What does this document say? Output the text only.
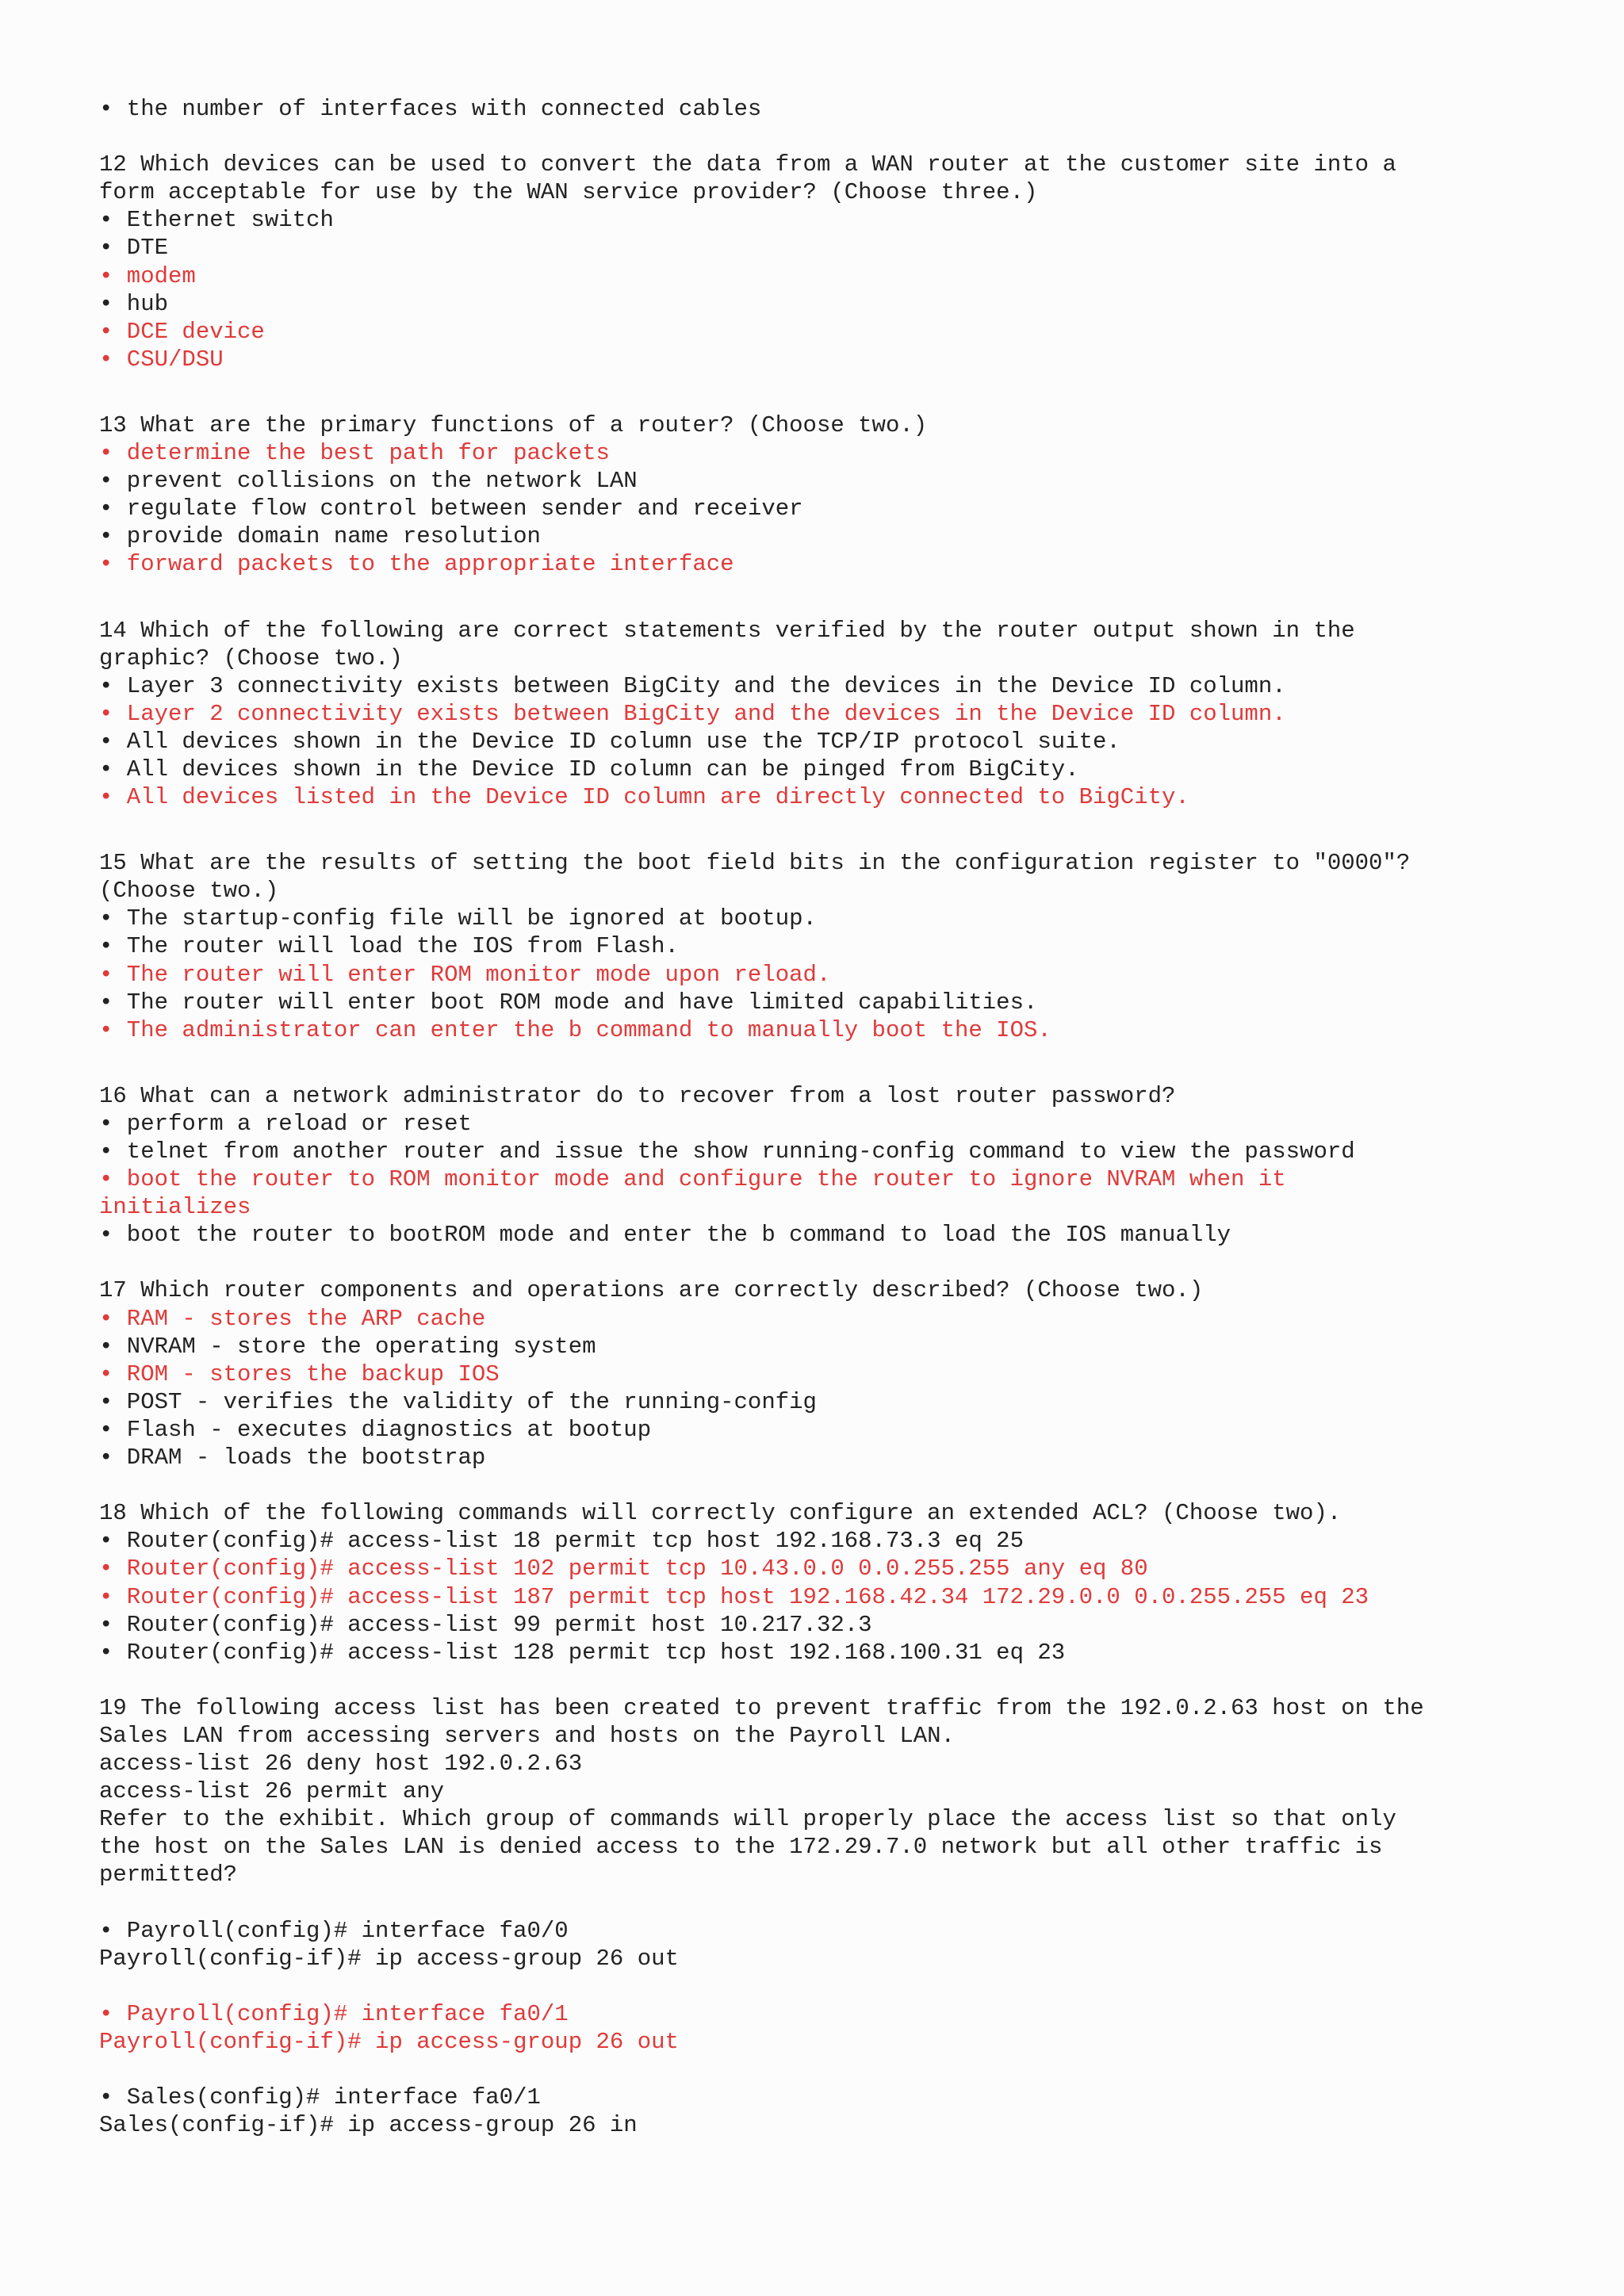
• the number of interfaces with connected cables
12 Which devices can be used to convert the data from a WAN router at the customer site into a
form acceptable for use by the WAN service provider? (Choose three.)
• Ethernet switch
• DTE
• modem
• hub
• DCE device
• CSU/DSU
13 What are the primary functions of a router? (Choose two.)
• determine the best path for packets
• prevent collisions on the network LAN
• regulate flow control between sender and receiver
• provide domain name resolution
• forward packets to the appropriate interface
14 Which of the following are correct statements verified by the router output shown in the
graphic? (Choose two.)
• Layer 3 connectivity exists between BigCity and the devices in the Device ID column.
• Layer 2 connectivity exists between BigCity and the devices in the Device ID column.
• All devices shown in the Device ID column use the TCP/IP protocol suite.
• All devices shown in the Device ID column can be pinged from BigCity.
• All devices listed in the Device ID column are directly connected to BigCity.
15 What are the results of setting the boot field bits in the configuration register to "0000"?
(Choose two.)
• The startup-config file will be ignored at bootup.
• The router will load the IOS from Flash.
• The router will enter ROM monitor mode upon reload.
• The router will enter boot ROM mode and have limited capabilities.
• The administrator can enter the b command to manually boot the IOS.
16 What can a network administrator do to recover from a lost router password?
• perform a reload or reset
• telnet from another router and issue the show running-config command to view the password
• boot the router to ROM monitor mode and configure the router to ignore NVRAM when it
initializes
• boot the router to bootROM mode and enter the b command to load the IOS manually
17 Which router components and operations are correctly described? (Choose two.)
• RAM - stores the ARP cache
• NVRAM - store the operating system
• ROM - stores the backup IOS
• POST - verifies the validity of the running-config
• Flash - executes diagnostics at bootup
• DRAM - loads the bootstrap
18 Which of the following commands will correctly configure an extended ACL? (Choose two).
• Router(config)# access-list 18 permit tcp host 192.168.73.3 eq 25
• Router(config)# access-list 102 permit tcp 10.43.0.0 0.0.255.255 any eq 80
• Router(config)# access-list 187 permit tcp host 192.168.42.34 172.29.0.0 0.0.255.255 eq 23
• Router(config)# access-list 99 permit host 10.217.32.3
• Router(config)# access-list 128 permit tcp host 192.168.100.31 eq 23
19 The following access list has been created to prevent traffic from the 192.0.2.63 host on the
Sales LAN from accessing servers and hosts on the Payroll LAN.
access-list 26 deny host 192.0.2.63
access-list 26 permit any
Refer to the exhibit. Which group of commands will properly place the access list so that only
the host on the Sales LAN is denied access to the 172.29.7.0 network but all other traffic is
permitted?
• Payroll(config)# interface fa0/0
Payroll(config-if)# ip access-group 26 out
• Payroll(config)# interface fa0/1
Payroll(config-if)# ip access-group 26 out
• Sales(config)# interface fa0/1
Sales(config-if)# ip access-group 26 in
